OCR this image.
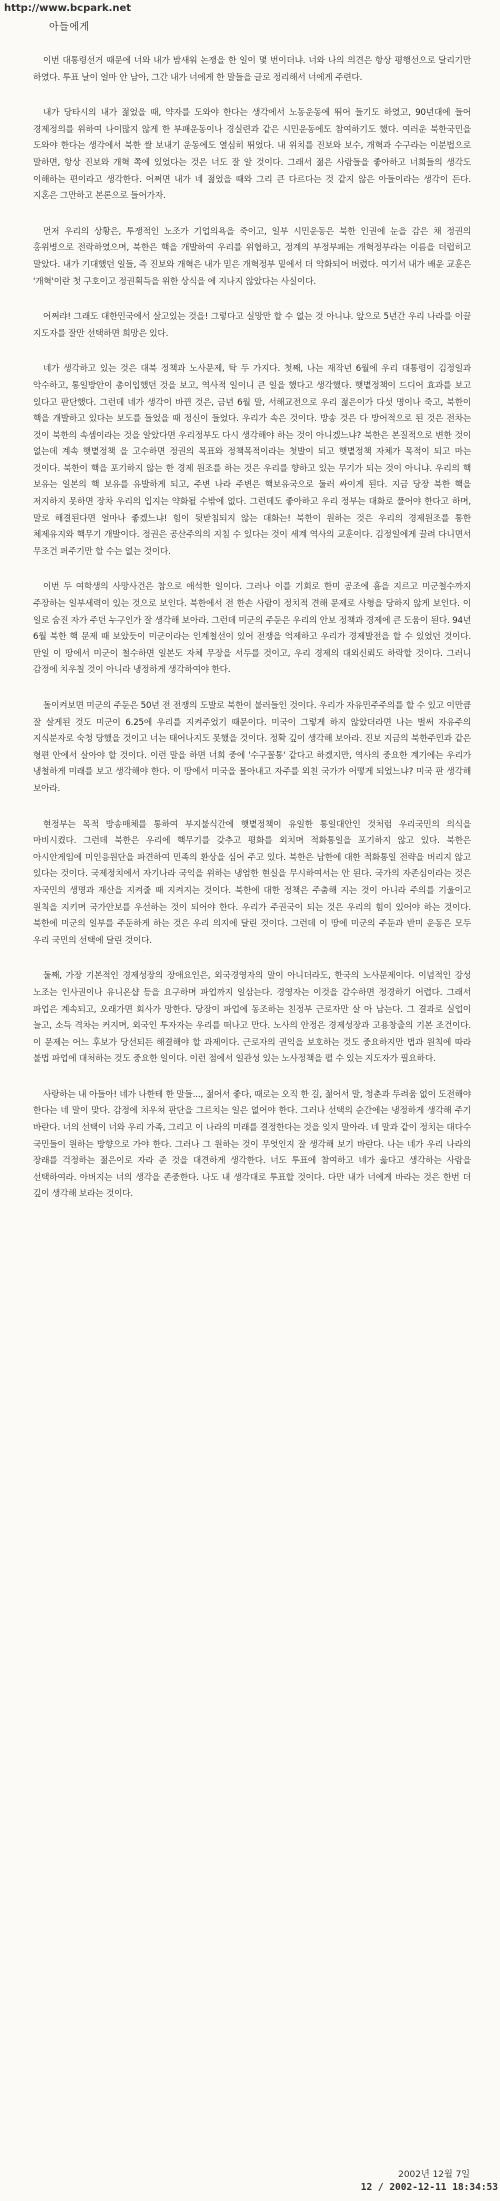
http://www.bcpark.net
아들에게

이번 대통령선거 때문에 너와 내가 밤새워 논쟁을 한 일이 몇 번이더냐. 너와 나의 의견은 항상 평행선으로 달리기만 하였다. 투표 날이 얼마 안 남아, 그간 내가 너에게 한 말들을 글로 정리해서 너에게 주련다.

내가 당타시의 내가 젊었을 때, 약자를 도와야 한다는 생각에서 노동운동에 뛰어 들기도 하였고, 90년대에 들어 경제정의를 위하여 나이많지 않게 한 부패운동이나 경실련과 같은 시민운동에도 참여하기도 했다. 여러운 북한국민을 도와야 한다는 생각에서 북한 쌀 보내기 운동에도 열심히 뛰었다. 내 위치를 진보와 보수, 개혁과 수구라는 이분법으로 말하면, 항상 진보와 개혁 쪽에 있었다는 것은 너도 잘 알 것이다. 그래서 젊은 사람들을 좋아하고 너희들의 생각도 이해하는 편이라고 생각한다. 어쩌면 내가 네 젊었을 때와 그리 큰 다르다는 것 같지 않은 아들이라는 생각이 든다. 지혼은 그만하고 본론으로 들어가자.

먼저 우리의 상황은, 투쟁적인 노조가 기업의욕을 죽이고, 일부 시민운동은 북한 인권에 눈을 감은 채 정권의 홍위병으로 전락하였으며, 북한은 핵을 개발하여 우리를 위협하고, 정계의 부정부패는 개혁정부라는 이름을 더럽히고 말았다. 내가 기대했던 일들, 즉 진보와 개혁은 내가 믿은 개혁정부 밑에서 더 악화되어 버렸다. 여기서 내가 배운 교훈은 '개혁'이란 첫 구호이고 정권획득을 위한 상식을 에 지나지 않았다는 사실이다.

어쩌랴! 그래도 대한민국에서 살고있는 것을! 그렇다고 실망만 할 수 없는 것 아니냐. 앞으로 5년간 우리 나라를 이끌 지도자를 잘만 선택하면 희망은 있다.

네가 생각하고 있는 것은 대북 정책과 노사문제, 탁 두 가지다. 첫째, 나는 재작년 6월에 우리 대통령이 김정일과 악수하고, 통일방안이 총이입했던 것을 보고, 역사적 일이니 큰 일을 했다고 생각했다. 햇볕정책이 드디어 효과를 보고 있다고 판단했다. 그런데 네가 생각이 바뀐 것은, 금년 6월 말, 서해교전으로 우리 젊은이가 다섯 명이나 죽고, 북한이 핵을 개발하고 있다는 보도를 들었을 때 정신이 들었다. 우리가 속은 것이다. 방송 것은 다 방어적으로 된 것은 전차는 것이 북한의 속셈이라는 것을 알았다면 우리정부도 다시 생각해야 하는 것이 아니겠느냐? 북한은 본질적으로 변한 것이 없는데 계속 햇볕정책 을 고수하면 정권의 목표와 정책목적이라는 첫발이 되고 햇볕정책 자체가 목적이 되고 마는 것이다. 북한이 핵을 포기하지 않는 한 경제 원조를 하는 것은 우리를 향하고 있는 무기가 되는 것이 아니냐. 우리의 핵 보유는 일본의 핵 보유를 유발하게 되고, 주변 나라 주변은 핵보유국으로 둘러 싸이게 된다. 지금 당장 북한 핵을 저지하지 못하면 장차 우리의 입지는 약화될 수밖에 없다. 그런데도 좋아하고 우리 정부는 대화로 풀어야 한다고 하며, 말로 해결된다면 얼마나 좋겠느냐! 힘이 뒷받침되지 않는 대화는! 북한이 원하는 것은 우리의 경제원조를 통한 체제유지와 핵무기 개발이다. 정권은 공산주의의 지침 수 있다는 것이 세계 역사의 교훈이다. 김정일에게 끌려 다니면서 무조건 퍼주기만 할 수는 없는 것이다.

이번 두 여학생의 사망사건은 참으로 애석한 일이다. 그러나 이를 기회로 한미 공조에 흠을 지르고 미군철수까지 주장하는 일부세력이 있는 것으로 보인다. 북한에서 전 한손 사람이 정치적 견해 문제로 사형을 당하지 않게 보인다. 이 일로 숨진 자가 주던 누구인가 잘 생각해 보아라. 그런데 미군의 주둔은 우리의 안보 정책과 경제에 큰 도움이 된다. 94년 6월 북한 핵 문제 때 보았듯이 미군이라는 인계철선이 있어 전쟁을 억제하고 우리가 경제발전을 할 수 있었던 것이다. 만일 이 땅에서 미군이 철수하면 일본도 자체 무장을 서두를 것이고, 우리 경제의 대외신뢰도 하락할 것이다. 그러니 감정에 치우칠 것이 아니라 냉정하게 생각하여야 한다.

돌이켜보면 미군의 주둔은 50년 전 전쟁의 도발로 북한이 불러들인 것이다. 우리가 자유민주주의를 할 수 있고 이만큼 잘 살게된 것도 미군이 6.25에 우리를 지켜주었기 때문이다. 미국이 그렇게 하지 않았더라면 나는 벌써 자유주의 지식분자로 숙청 당했을 것이고 너는 태어나지도 못했을 것이다. 정확 깊이 생각해 보아라. 진보 지금의 북한주민과 같은 형편 안에서 살아야 할 것이다. 이런 말을 하면 너희 중에 '수구꼴통' 같다고 하겠지만, 역사의 중요한 계기에는 우리가 냉철하게 미래를 보고 생각해야 한다. 이 땅에서 미국을 몰아내고 자주를 외친 국가가 어떻게 되었느냐? 미국 판 생각해 보아라.

현정부는 목적 방송매체를 통하여 부지불식간에 햇볕정책이 유일한 통일대안인 것처럼 우리국민의 의식을 마비시켰다. 그런데 북한은 우리에 핵무기를 갖추고 평화를 외치며 적화통일을 포기하지 않고 있다. 북한은 아시안게임에 미인응원단을 파견하여 민족의 환상을 심어 주고 있다. 북한은 남한에 대한 적화통일 전략을 버리지 않고 있다는 것이다. 국제정치에서 자기나라 국익을 위하는 냉엄한 현실을 무시하여서는 안 된다. 국가의 자존심이라는 것은 자국민의 생명과 재산을 지켜줄 때 지켜지는 것이다. 북한에 대한 정책은 주춤해 지는 것이 아니라 주의를 기울이고 원칙을 지키며 국가안보를 우선하는 것이 되어야 한다. 우리가 주권국이 되는 것은 우리의 힘이 있어야 하는 것이다. 북한에 미군의 일부를 주둔하게 하는 것은 우리 의지에 달린 것이다. 그런데 이 땅에 미군의 주둔과 반미 운동은 모두 우리 국민의 선택에 달린 것이다.

둘째, 가장 기본적인 경제성장의 장애요인은, 외국경영자의 말이 아니더라도, 한국의 노사문제이다. 이념적인 강성 노조는 인사권이나 유니온샵 등을 요구하며 파업까지 일삼는다. 경영자는 이것을 감수하면 정경하기 어렵다. 그래서 파업은 계속되고, 오래가면 회사가 망한다. 당장이 파업에 동조하는 친정부 근로자만 살 아 남는다. 그 결과로 실업이 늘고, 소득 격차는 커지며, 외국인 투자자는 우리를 떠나고 만다. 노사의 안정은 경제성장과 고용창출의 기본 조건이다. 이 문제는 어느 후보가 당선되든 해결해야 할 과제이다. 근로자의 권익을 보호하는 것도 중요하지만 법과 원칙에 따라 불법 파업에 대처하는 것도 중요한 일이다. 이런 점에서 일관성 있는 노사정책을 펼 수 있는 지도자가 필요하다.

사랑하는 내 아들아! 네가 나한테 한 말들..., 젊어서 좋다, 때로는 오직 한 길, 젊어서 말, 청춘과 두려움 없이 도전해야 한다는 네 말이 맞다. 감정에 치우쳐 판단을 그르치는 일은 없어야 한다. 그러나 선택의 순간에는 냉정하게 생각해 주기 바란다. 너의 선택이 너와 우리 가족, 그리고 이 나라의 미래를 결정한다는 것을 잊지 말아라. 네 말과 같이 정치는 대다수 국민들이 원하는 방향으로 가야 한다. 그러나 그 원하는 것이 무엇인지 잘 생각해 보기 바란다. 나는 네가 우리 나라의 장래를 걱정하는 젊은이로 자라 준 것을 대견하게 생각한다. 너도 투표에 참여하고 네가 옳다고 생각하는 사람을 선택하여라. 아버지는 너의 생각을 존중한다. 나도 내 생각대로 투표할 것이다. 다만 내가 너에게 바라는 것은 한번 더 깊이 생각해 보라는 것이다.

2002년 12월 7일
12 / 2002-12-11 18:34:53
